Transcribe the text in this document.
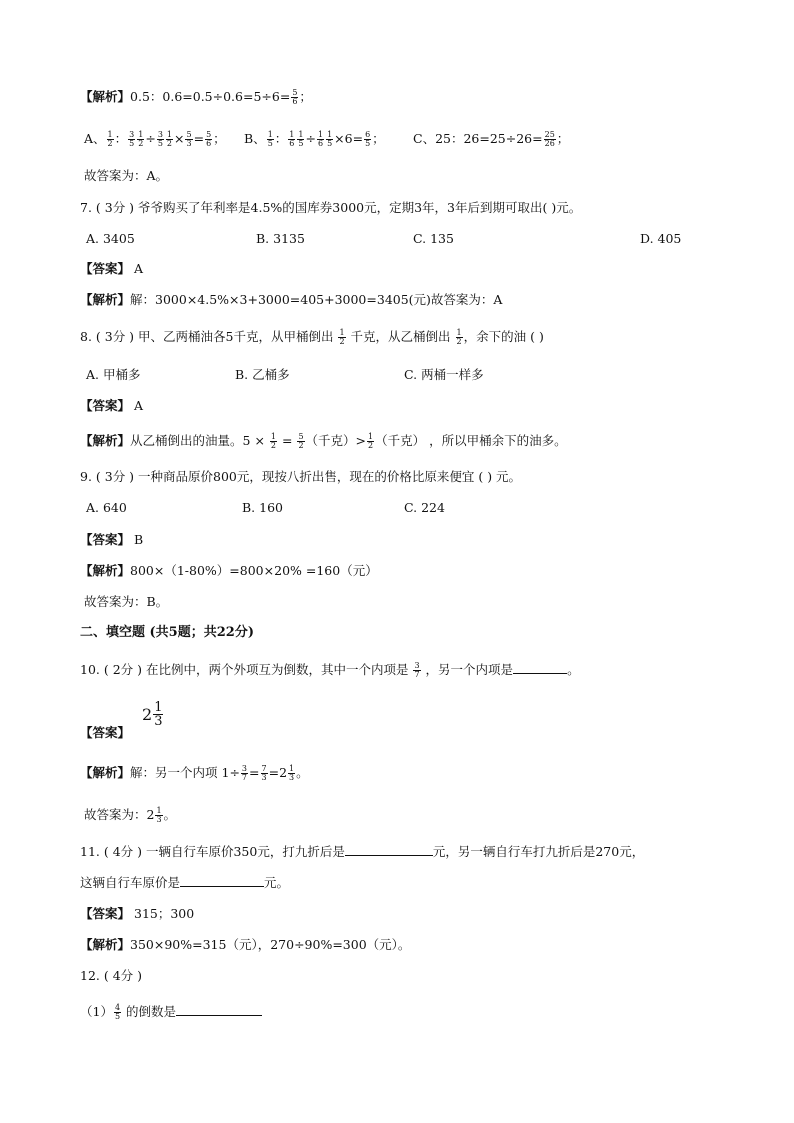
【解析】0.5：$0.6=0.5\div 0.6=5\div 6= \frac{5}{6}$ ；
A、 $\frac{1}{2}$ ： $\frac{3}{5} \frac{1}{2} \div \frac{3}{5} \frac{1}{2} \times \frac{5}{3} = \frac{5}{6}$ ； B、 $\frac{1}{5}$ ： $\frac{1}{6} \frac{1}{5} \div \frac{1}{6} \frac{1}{5} \times 6= \frac{6}{5}$ ； C、25：$26=25\div 26= \frac{25}{26}$ ；
故答案为：A。
7. ( 3分 ) 爷爷购买了年利率是4.5%的国库券3000元，定期3年，3年后到期可取出( )元。
A. 3405	B. 3135	C. 135	D. 405
【答案】 A
【解析】解：3000×4.5%×3+3000=405+3000=3405(元)故答案为：A
8. ( 3分 ) 甲、乙两桶油各5千克，从甲桶倒出 $\frac{1}{2}$ 千克，从乙桶倒出 $\frac{1}{2}$ ，余下的油 ( )
A. 甲桶多	B. 乙桶多	C. 两桶一样多
【答案】 A
【解析】从乙桶倒出的油量。$5 \times \frac{1}{2} = \frac{5}{2}$ （千克）> $\frac{1}{2}$ （千克） ，所以甲桶余下的油多。
9. ( 3分 ) 一种商品原价800元，现按八折出售，现在的价格比原来便宜 ( ) 元。
A. 640	B. 160	C. 224
【答案】 B
【解析】800×（1-80%）=800×20% =160（元）
故答案为：B。
二、填空题 (共5题；共22分)
10. ( 2分 ) 在比例中，两个外项互为倒数，其中一个内项是 $\frac{3}{7}$ ，另一个内项是	。
【答案】
$2 \frac{1}{3}$
【解析】解：另一个内项 $1\div \frac{3}{7} = \frac{7}{3} =2 \frac{1}{3}$ 。
故答案为：$2 \frac{1}{3}$ 。
11. ( 4分 ) 一辆自行车原价350元，打九折后是	元，另一辆自行车打九折后是270元，
这辆自行车原价是	元。
【答案】 315；300
【解析】350×90%=315（元），270÷90%=300（元）。
12. ( 4分 )
$(1) \frac{4}{5}$ 的倒数是
